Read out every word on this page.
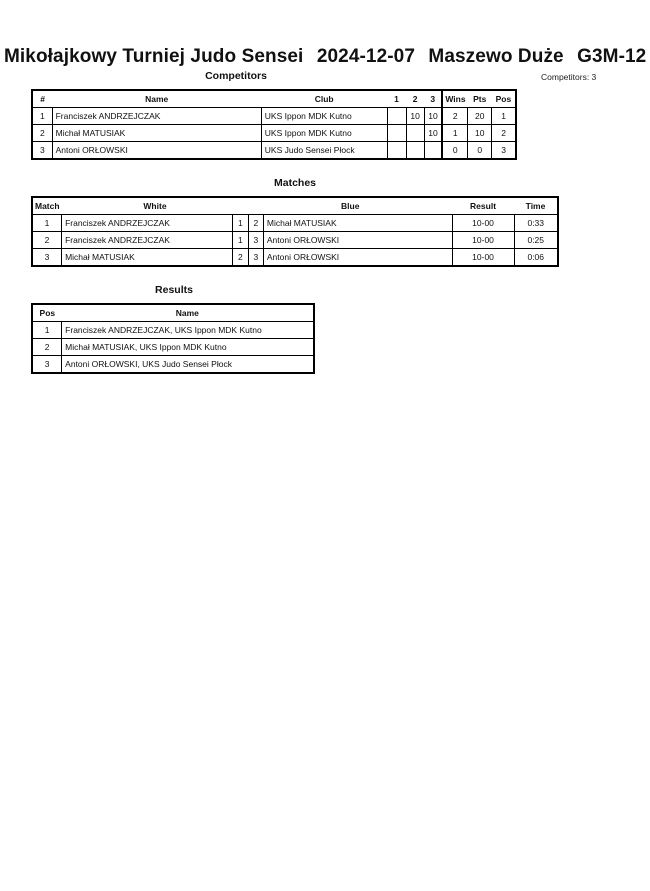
Mikołajkowy Turniej Judo Sensei 2024-12-07 Maszewo Duże G3M-12
Competitors	Competitors: 3
#	Name	Club	1	2	3	Wins	Pts	Pos
1	Franciszek ANDRZEJCZAK	UKS Ippon MDK Kutno		10	10	2	20	1
2	Michał MATUSIAK	UKS Ippon MDK Kutno			10	1	10	2
3	Antoni ORŁOWSKI	UKS Judo Sensei Płock				0	0	3
Matches
Match	White		Blue		Result	Time
1	Franciszek ANDRZEJCZAK	1	2	Michał MATUSIAK	10-00	0:33
2	Franciszek ANDRZEJCZAK	1	3	Antoni ORŁOWSKI	10-00	0:25
3	Michał MATUSIAK	2	3	Antoni ORŁOWSKI	10-00	0:06
Results
Pos	Name
1	Franciszek ANDRZEJCZAK, UKS Ippon MDK Kutno
2	Michał MATUSIAK, UKS Ippon MDK Kutno
3	Antoni ORŁOWSKI, UKS Judo Sensei Płock
